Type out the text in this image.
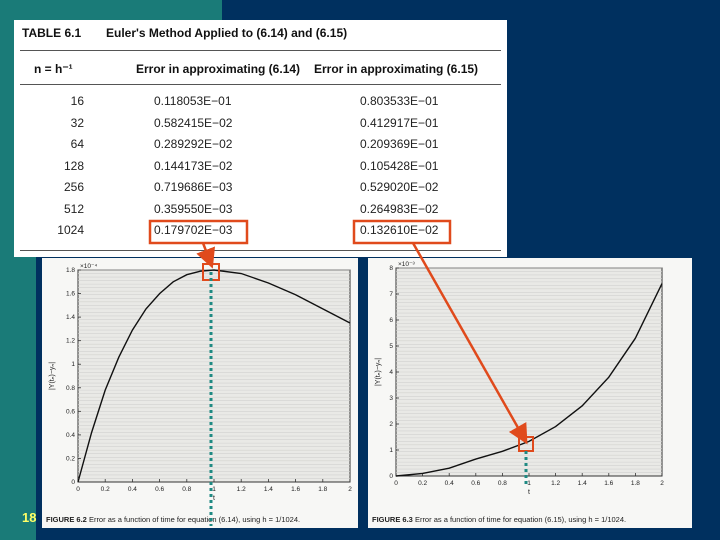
TABLE 6.1 Euler's Method Applied to (6.14) and (6.15)
n = h⁻¹	Error in approximating (6.14) Error in approximating (6.15)
16	0.118053E−01	0.803533E−01
32	0.582415E−02	0.412917E−01
64	0.289292E−02	0.209369E−01
128	0.144173E−02	0.105428E−01
256	0.719686E−03	0.529020E−02
512	0.359550E−03	0.264983E−02
1024	0.179702E−03	0.132610E−02
0	0.2	0.4	0.6	0.8	1	1.2	1.4	1.6	1.8	2
0
0.2
0.4
0.6
0.8
1
1.2
1.4
1.6
1.8
×10⁻⁴
|Y(tₙ)−yₙ|
t
FIGURE 6.2 Error as a function of time for equation (6.14), using h = 1/1024.
0	0.2	0.4	0.6	0.8	1	1.2	1.4	1.6	1.8	2
0
1
2
3
4
5
6
7
8
×10⁻³
|Y(tₙ)−yₙ|
t
FIGURE 6.3 Error as a function of time for equation (6.15), using h = 1/1024.
18
